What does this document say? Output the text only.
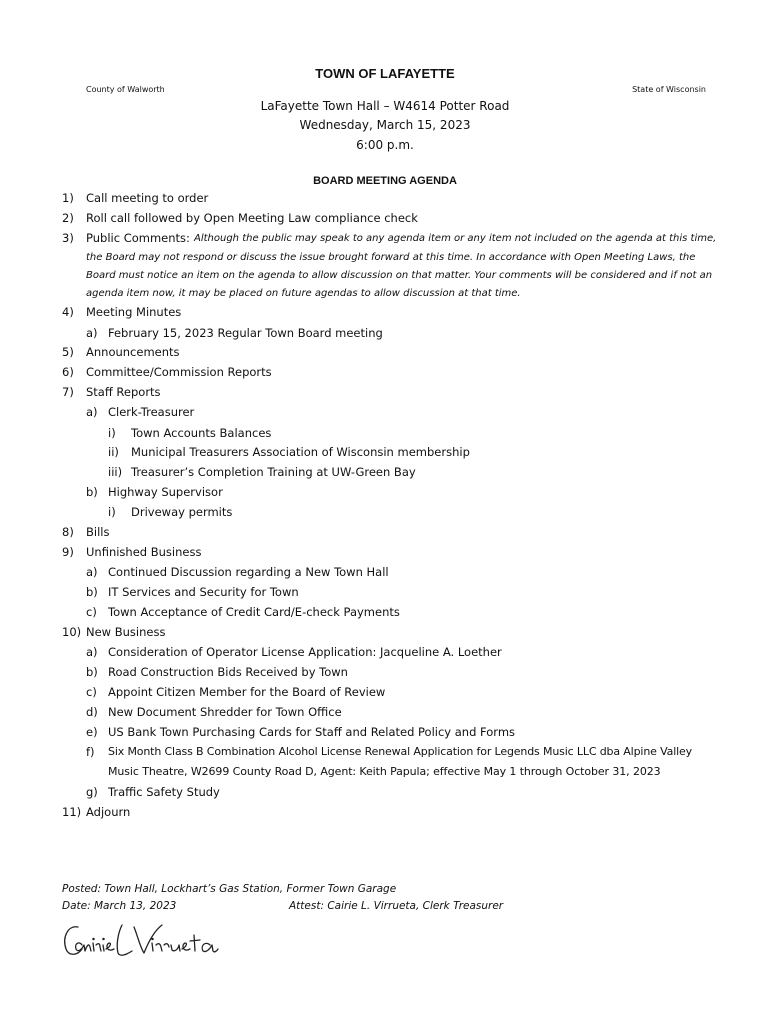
TOWN OF LAFAYETTE
County of Walworth	State of Wisconsin
LaFayette Town Hall – W4614 Potter Road
Wednesday, March 15, 2023
6:00 p.m.
BOARD MEETING AGENDA
1) Call meeting to order
2) Roll call followed by Open Meeting Law compliance check
3) Public Comments: Although the public may speak to any agenda item or any item not included on the agenda at this time,
the Board may not respond or discuss the issue brought forward at this time. In accordance with Open Meeting Laws, the
Board must notice an item on the agenda to allow discussion on that matter. Your comments will be considered and if not an
agenda item now, it may be placed on future agendas to allow discussion at that time.
4) Meeting Minutes
a) February 15, 2023 Regular Town Board meeting
5) Announcements
6) Committee/Commission Reports
7) Staff Reports
a) Clerk-Treasurer
i) Town Accounts Balances
ii) Municipal Treasurers Association of Wisconsin membership
iii) Treasurer’s Completion Training at UW-Green Bay
b) Highway Supervisor
i) Driveway permits
8) Bills
9) Unfinished Business
a) Continued Discussion regarding a New Town Hall
b) IT Services and Security for Town
c) Town Acceptance of Credit Card/E-check Payments
10) New Business
a) Consideration of Operator License Application: Jacqueline A. Loether
b) Road Construction Bids Received by Town
c) Appoint Citizen Member for the Board of Review
d) New Document Shredder for Town Office
e) US Bank Town Purchasing Cards for Staff and Related Policy and Forms
f) Six Month Class B Combination Alcohol License Renewal Application for Legends Music LLC dba Alpine Valley
Music Theatre, W2699 County Road D, Agent: Keith Papula; effective May 1 through October 31, 2023
g) Traffic Safety Study
11) Adjourn
Posted: Town Hall, Lockhart’s Gas Station, Former Town Garage
Date: March 13, 2023	Attest: Cairie L. Virrueta, Clerk Treasurer
